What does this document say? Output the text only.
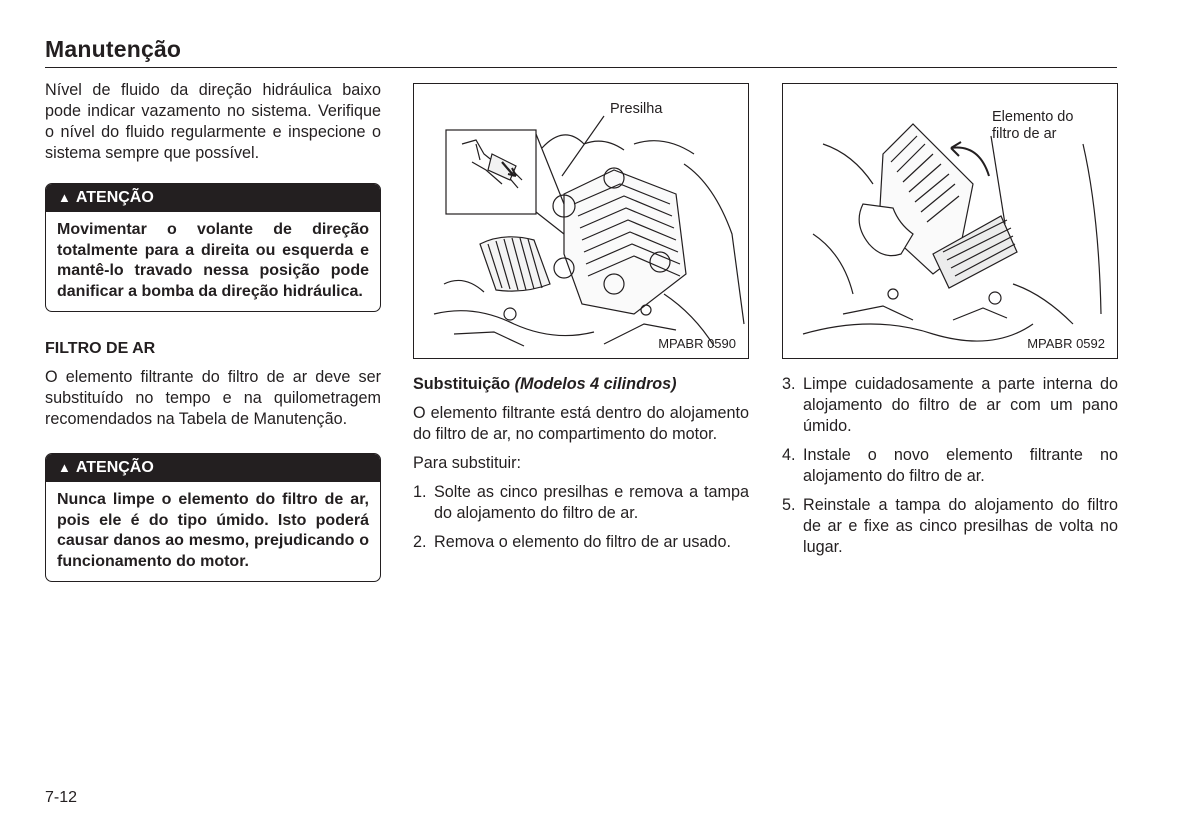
Manutenção

Nível de fluido da direção hidráulica baixo pode indicar vazamento no sistema. Verifique o nível do fluido regularmente e inspecione o sistema sempre que possível.

▲ ATENÇÃO
Movimentar o volante de direção totalmente para a direita ou esquerda e mantê-lo travado nessa posição pode danificar a bomba da direção hidráulica.

FILTRO DE AR

O elemento filtrante do filtro de ar deve ser substituído no tempo e na quilometragem recomendados na Tabela de Manutenção.

▲ ATENÇÃO
Nunca limpe o elemento do filtro de ar, pois ele é do tipo úmido. Isto poderá causar danos ao mesmo, prejudicando o funcionamento do motor.
Presilha
MPABR 0590

Substituição (Modelos 4 cilindros)

O elemento filtrante está dentro do alojamento do filtro de ar, no compartimento do motor.

Para substituir:

1. Solte as cinco presilhas e remova a tampa do alojamento do filtro de ar.
2. Remova o elemento do filtro de ar usado.
Elemento do
filtro de ar
MPABR 0592
3. Limpe cuidadosamente a parte interna do alojamento do filtro de ar com um pano úmido.
4. Instale o novo elemento filtrante no alojamento do filtro de ar.
5. Reinstale a tampa do alojamento do filtro de ar e fixe as cinco presilhas de volta no lugar.
7-12
